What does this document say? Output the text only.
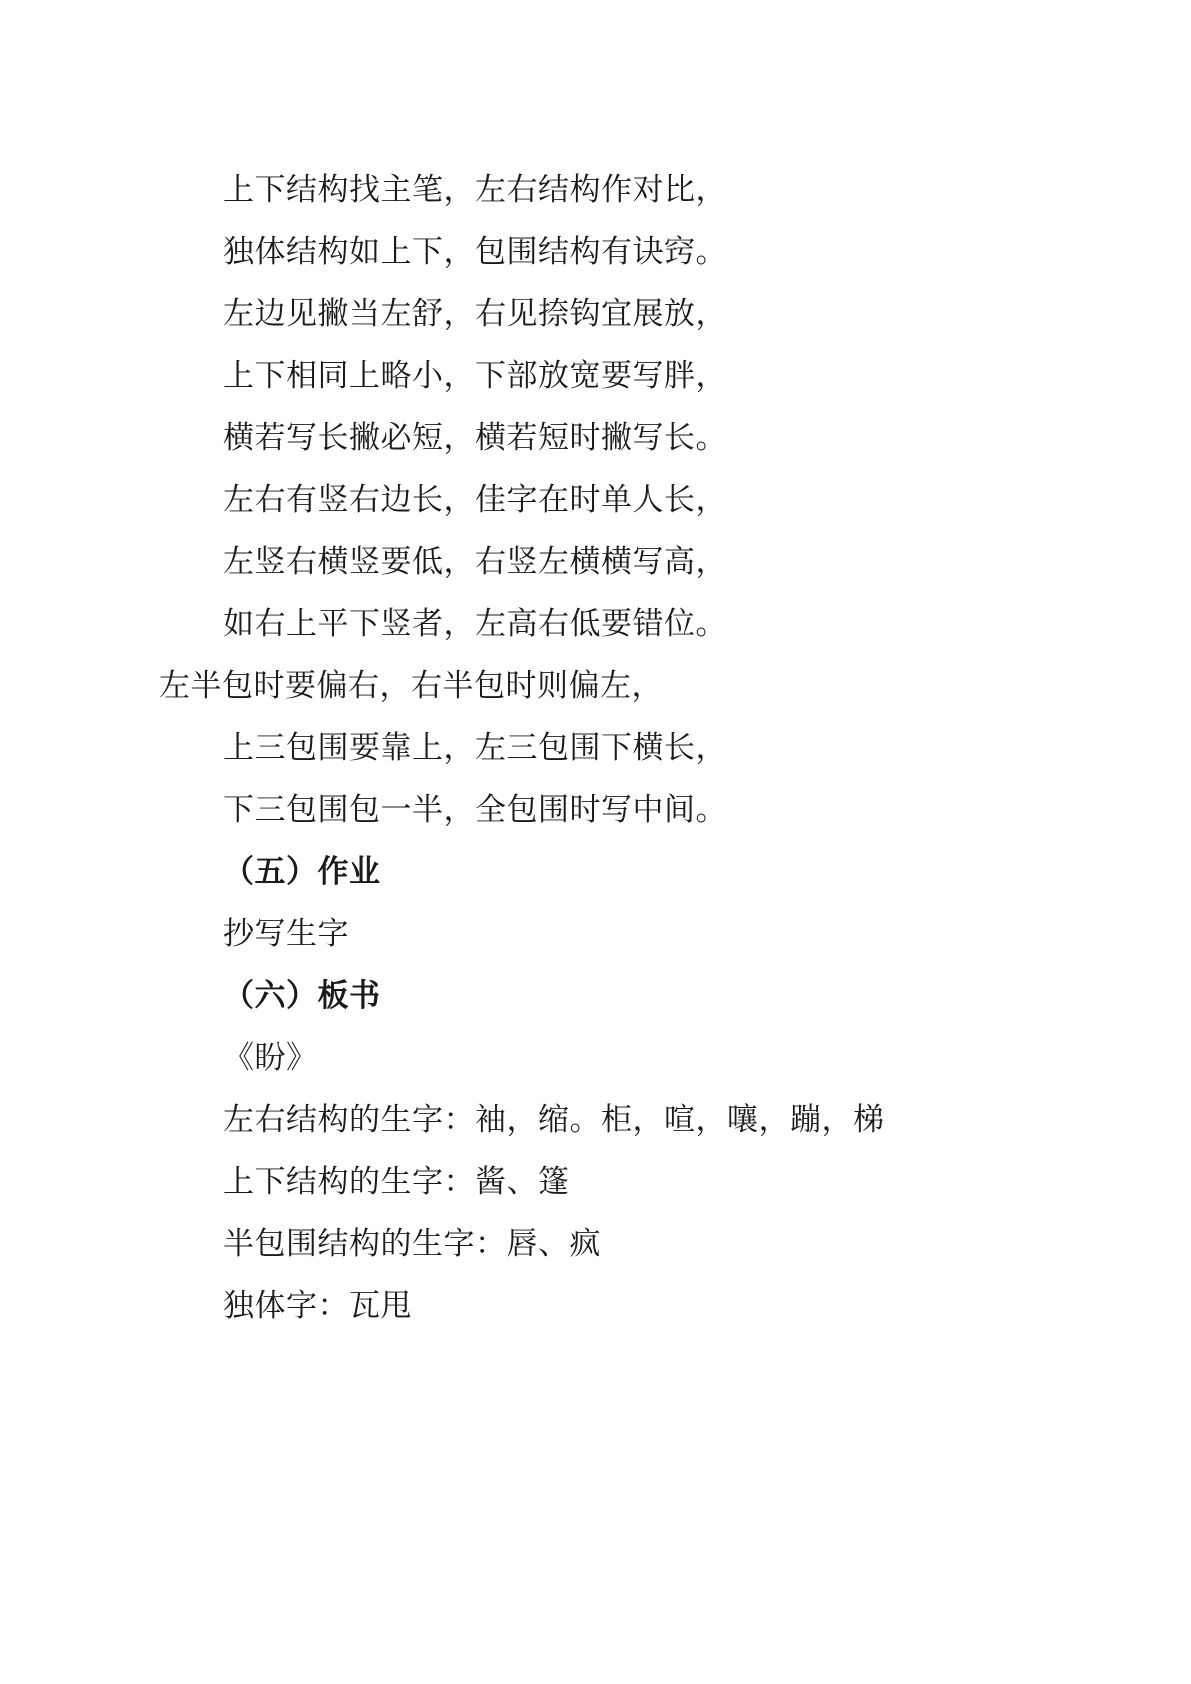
上下结构找主笔，左右结构作对比，
独体结构如上下，包围结构有诀窍。
左边见撇当左舒，右见捺钩宜展放，
上下相同上略小，下部放宽要写胖，
横若写长撇必短，横若短时撇写长。
左右有竖右边长，佳字在时单人长，
左竖右横竖要低，右竖左横横写高，
如右上平下竖者，左高右低要错位。
左半包时要偏右，右半包时则偏左，
上三包围要靠上，左三包围下横长，
下三包围包一半，全包围时写中间。
（五）作业
抄写生字
（六）板书
《盼》
左右结构的生字：袖，缩。柜，喧，嚷，蹦，梯
上下结构的生字：酱、篷
半包围结构的生字：唇、疯
独体字：瓦甩
